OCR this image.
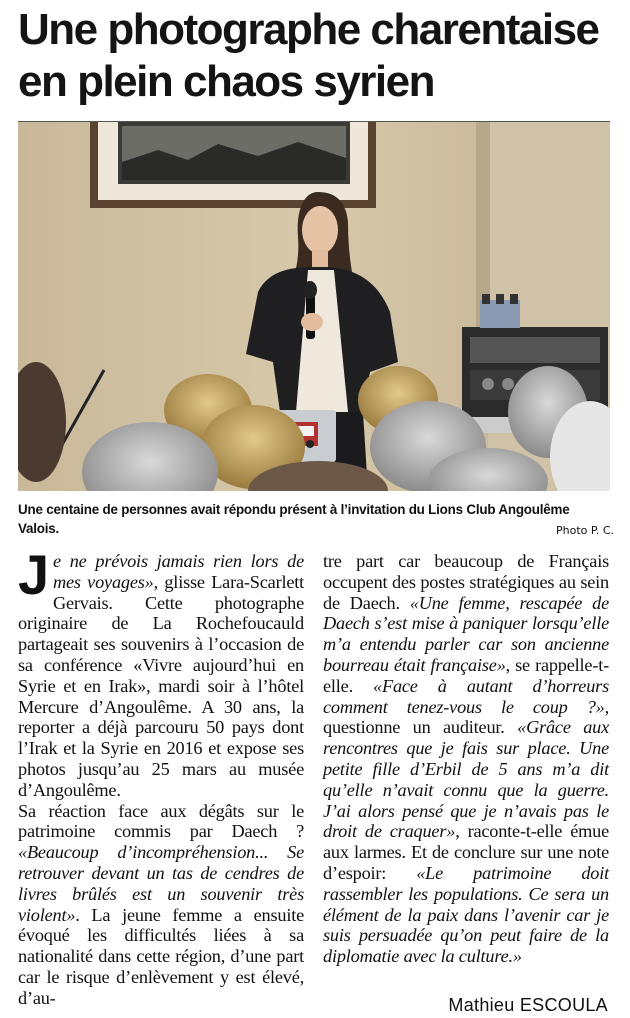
Une photographe charentaise
en plein chaos syrien
Une centaine de personnes avait répondu présent à l’invitation du Lions Club Angoulême Valois.	Photo P. C.

Je ne prévois jamais rien lors de mes voyages», glisse Lara-Scarlett Gervais. Cette photographe originaire de La Rochefoucauld partageait ses souvenirs à l’occasion de sa conférence «Vivre aujourd’hui en Syrie et en Irak», mardi soir à l’hôtel Mercure d’Angoulême. A 30 ans, la reporter a déjà parcouru 50 pays dont l’Irak et la Syrie en 2016 et expose ses photos jusqu’au 25 mars au musée d’Angoulême.

Sa réaction face aux dégâts sur le patrimoine commis par Daech ? «Beaucoup d’incompréhension... Se retrouver devant un tas de cendres de livres brûlés est un souvenir très violent». La jeune femme a ensuite évoqué les difficultés liées à sa nationalité dans cette région, d’une part car le risque d’enlèvement y est élevé, d’au-

tre part car beaucoup de Français occupent des postes stratégiques au sein de Daech. «Une femme, rescapée de Daech s’est mise à paniquer lorsqu’elle m’a entendu parler car son ancienne bourreau était française», se rappelle-t-elle. «Face à autant d’horreurs comment tenez-vous le coup ?», questionne un auditeur. «Grâce aux rencontres que je fais sur place. Une petite fille d’Erbil de 5 ans m’a dit qu’elle n’avait connu que la guerre. J’ai alors pensé que je n’avais pas le droit de craquer», raconte-t-elle émue aux larmes. Et de conclure sur une note d’espoir: «Le patrimoine doit rassembler les populations. Ce sera un élément de la paix dans l’avenir car je suis persuadée qu’on peut faire de la diplomatie avec la culture.»

Mathieu ESCOULA
